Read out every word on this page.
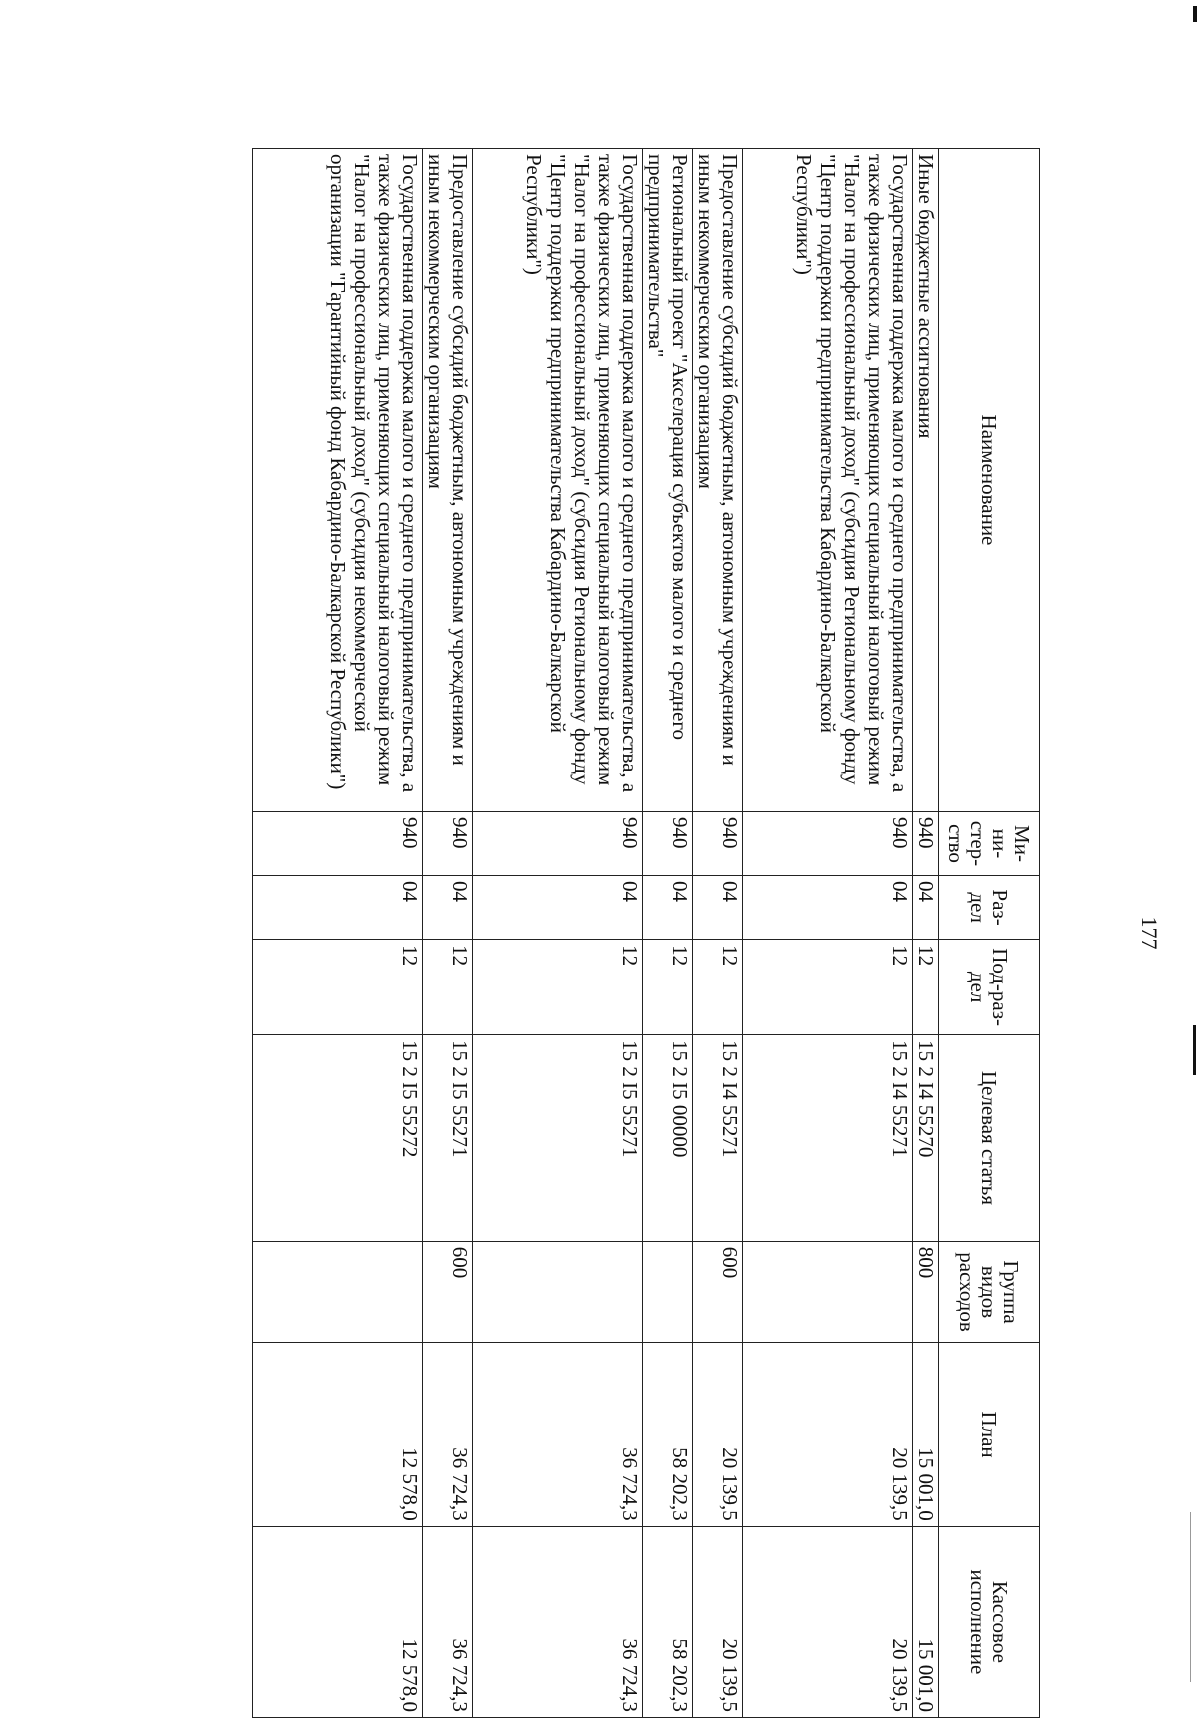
177
Наименование	Ми-ни-стер-ство	Раз-дел	Под-раз-дел	Целевая статья	Группа видов расходов	План	Кассовое исполнение
Иные бюджетные ассигнования	940	04	12	15 2 I4 55270	800	15 001,0	15 001,0
Государственная поддержка малого и среднего предпринимательства, а также физических лиц, применяющих специальный налоговый режим "Налог на профессиональный доход" (субсидия Региональному фонду "Центр поддержки предпринимательства Кабардино-Балкарской Республики")	940	04	12	15 2 I4 55271		20 139,5	20 139,5
Предоставление субсидий бюджетным, автономным учреждениям и иным некоммерческим организациям	940	04	12	15 2 I4 55271	600	20 139,5	20 139,5
Региональный проект "Акселерация субъектов малого и среднего предпринимательства"	940	04	12	15 2 I5 00000		58 202,3	58 202,3
Государственная поддержка малого и среднего предпринимательства, а также физических лиц, применяющих специальный налоговый режим "Налог на профессиональный доход" (субсидия Региональному фонду "Центр поддержки предпринимательства Кабардино-Балкарской Республики")	940	04	12	15 2 I5 55271		36 724,3	36 724,3
Предоставление субсидий бюджетным, автономным учреждениям и иным некоммерческим организациям	940	04	12	15 2 I5 55271	600	36 724,3	36 724,3
Государственная поддержка малого и среднего предпринимательства, а также физических лиц, применяющих специальный налоговый режим "Налог на профессиональный доход" (субсидия некоммерческой организации "Гарантийный фонд Кабардино-Балкарской Республики")	940	04	12	15 2 I5 55272		12 578,0	12 578,0
